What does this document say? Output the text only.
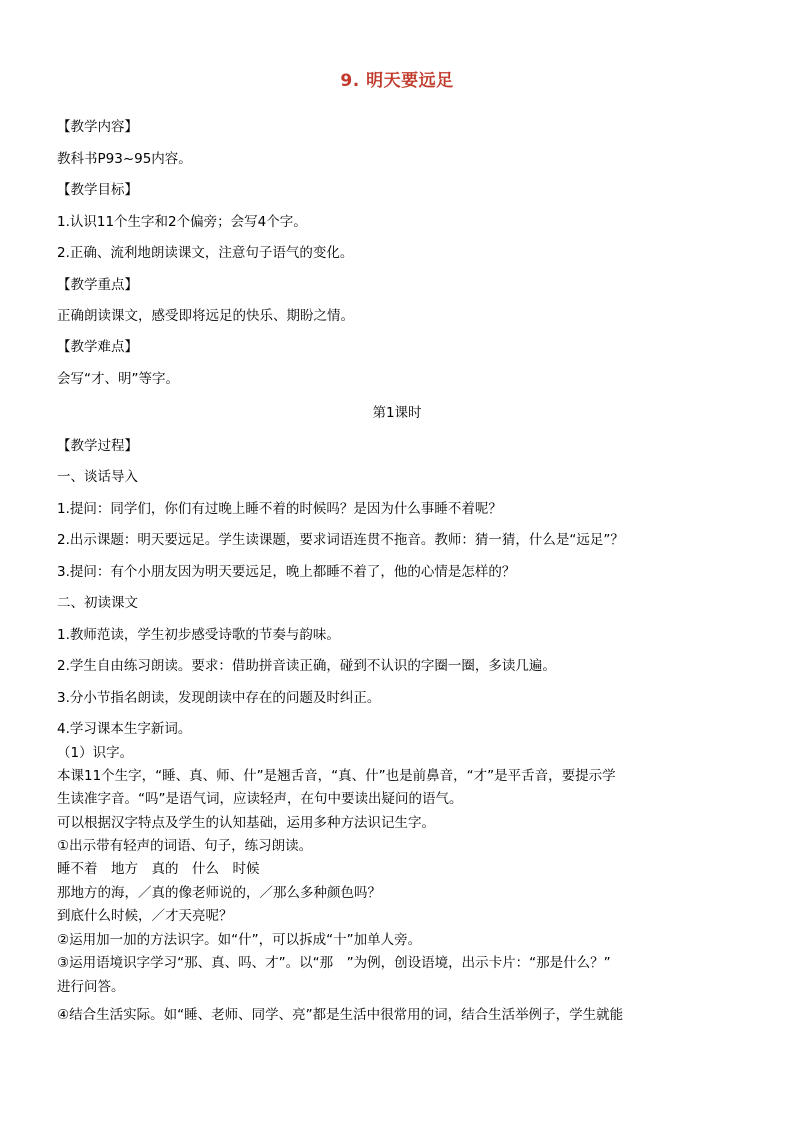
9. 明天要远足
【教学内容】
教科书P93~95内容。
【教学目标】
1.认识11个生字和2个偏旁；会写4个字。
2.正确、流利地朗读课文，注意句子语气的变化。
【教学重点】
正确朗读课文，感受即将远足的快乐、期盼之情。
【教学难点】
会写“才、明”等字。
第1课时
【教学过程】
一、谈话导入
1.提问：同学们，你们有过晚上睡不着的时候吗？是因为什么事睡不着呢？
2.出示课题：明天要远足。学生读课题，要求词语连贯不拖音。教师：猜一猜，什么是“远足”？
3.提问：有个小朋友因为明天要远足，晚上都睡不着了，他的心情是怎样的？
二、初读课文
1.教师范读，学生初步感受诗歌的节奏与韵味。
2.学生自由练习朗读。要求：借助拼音读正确，碰到不认识的字圈一圈，多读几遍。
3.分小节指名朗读，发现朗读中存在的问题及时纠正。
4.学习课本生字新词。
（1）识字。
本课11个生字，“睡、真、师、什”是翘舌音，“真、什”也是前鼻音，“才”是平舌音，要提示学
生读准字音。“吗”是语气词，应读轻声，在句中要读出疑问的语气。
可以根据汉字特点及学生的认知基础，运用多种方法识记生字。
①出示带有轻声的词语、句子，练习朗读。
睡不着　地方　真的　什么　时候
那地方的海，／真的像老师说的，／那么多种颜色吗？
到底什么时候，／才天亮呢？
②运用加一加的方法识字。如“什”，可以拆成“十”加单人旁。
③运用语境识字学习“那、真、吗、才”。以“那　”为例，创设语境，出示卡片：“那是什么？”
进行问答。
④结合生活实际。如“睡、老师、同学、亮”都是生活中很常用的词，结合生活举例子，学生就能
